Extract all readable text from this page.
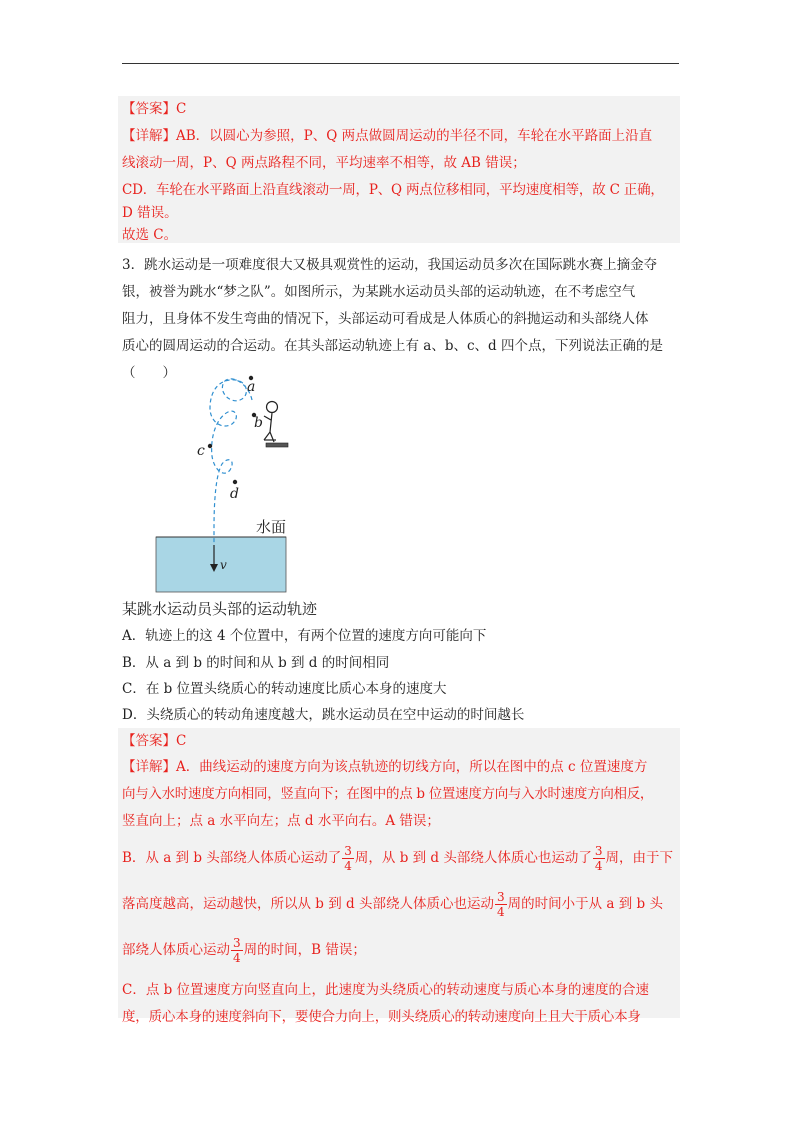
【答案】C

【详解】AB．以圆心为参照，P、Q 两点做圆周运动的半径不同，车轮在水平路面上沿直

线滚动一周，P、Q 两点路程不同，平均速率不相等，故 AB 错误；

CD．车轮在水平路面上沿直线滚动一周，P、Q 两点位移相同，平均速度相等，故 C 正确，

D 错误。

故选 C。

3．跳水运动是一项难度很大又极具观赏性的运动，我国运动员多次在国际跳水赛上摘金夺

银，被誉为跳水“梦之队”。如图所示，为某跳水运动员头部的运动轨迹，在不考虑空气

阻力，且身体不发生弯曲的情况下，头部运动可看成是人体质心的斜抛运动和头部绕人体

质心的圆周运动的合运动。在其头部运动轨迹上有 a、b、c、d 四个点，下列说法正确的是

（　　）

水面
v
a
b
c
d
某跳水运动员头部的运动轨迹
A．轨迹上的这 4 个位置中，有两个位置的速度方向可能向下
B．从 a 到 b 的时间和从 b 到 d 的时间相同
C．在 b 位置头绕质心的转动速度比质心本身的速度大
D．头绕质心的转动角速度越大，跳水运动员在空中运动的时间越长

【答案】C

【详解】A．曲线运动的速度方向为该点轨迹的切线方向，所以在图中的点 c 位置速度方

向与入水时速度方向相同，竖直向下；在图中的点 b 位置速度方向与入水时速度方向相反，

竖直向上；点 a 水平向左；点 d 水平向右。A 错误；

B．从 a 到 b 头部绕人体质心运动了 $\frac{3}{4}$ 周，从 b 到 d 头部绕人体质心也运动了 $\frac{3}{4}$ 周，由于下
落高度越高，运动越快，所以从 b 到 d 头部绕人体质心也运动 $\frac{3}{4}$ 周的时间小于从 a 到 b 头
部绕人体质心运动 $\frac{3}{4}$ 周的时间，B 错误；

C．点 b 位置速度方向竖直向上，此速度为头绕质心的转动速度与质心本身的速度的合速

度，质心本身的速度斜向下，要使合力向上，则头绕质心的转动速度向上且大于质心本身
